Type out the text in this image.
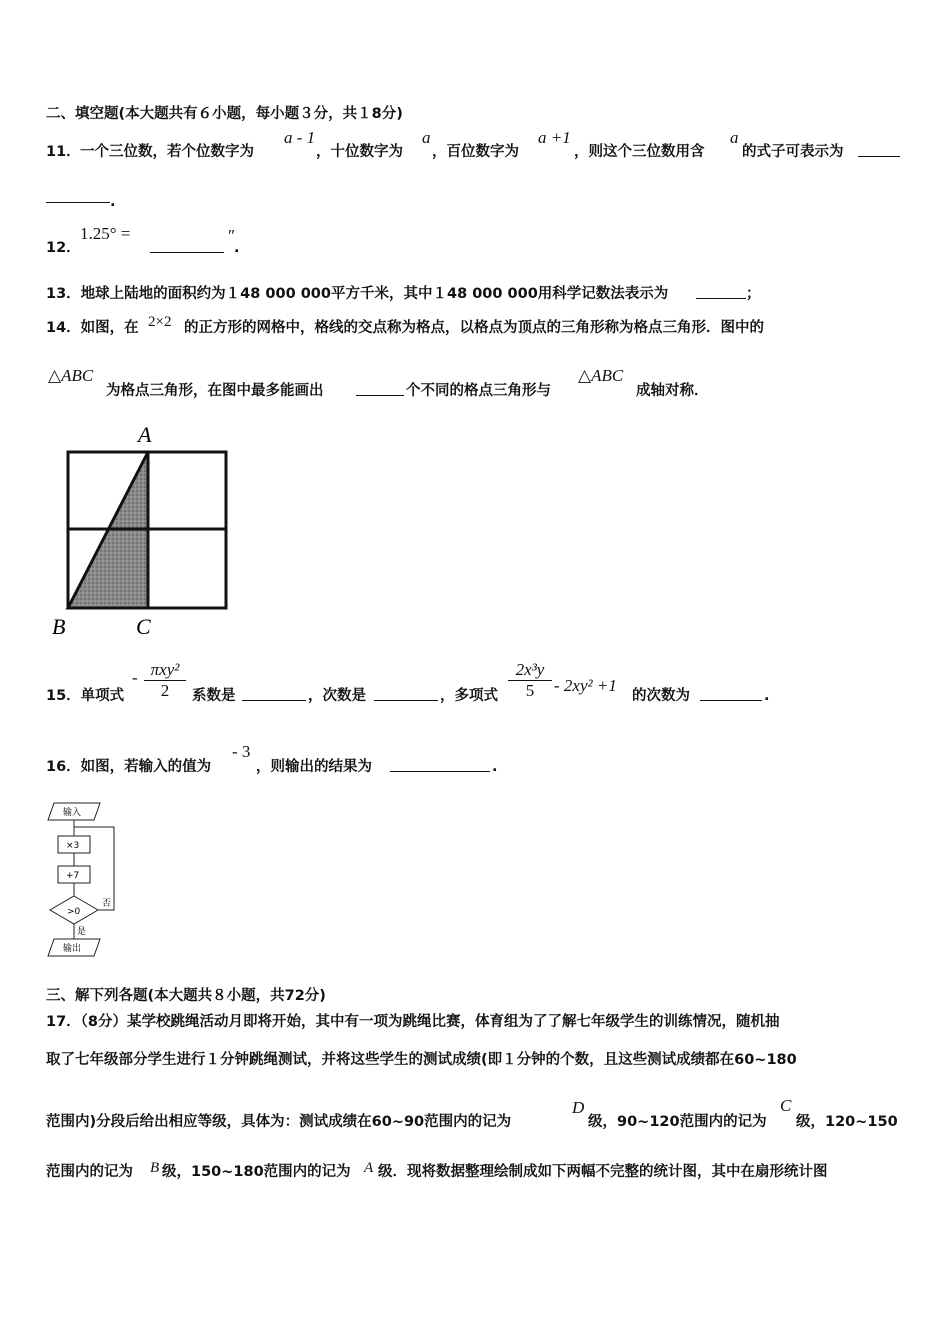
二、填空题(本大题共有６小题，每小题３分，共１8分)
11． 一个三位数，若个位数字为
a - 1
，十位数字为
a
，百位数字为
a +1
，则这个三位数用含
a
的式子可表示为
.
12．
1.25° =	″
.
13．地球上陆地的面积约为１48 000 000平方千米，其中１48 000 000用科学记数法表示为	；
14．如图，在 2×2 的正方形的网格中，格线的交点称为格点，以格点为顶点的三角形称为格点三角形．图中的
△ABC
为格点三角形，在图中最多能画出	个不同的格点三角形与
△ABC
成轴对称．
A
B	C
15．单项式
- πxy²
2	系数是	，次数是	，多项式 $\frac{\text{2x³y}}{5} - 2xy^2 +1$
的次数为	.
16．如图，若输入的值为
- 3
，则输出的结果为	.
输入
×3
+7
>0
否
是
输出
三、解下列各题(本大题共８小题，共72分)
17．（8分）某学校跳绳活动月即将开始，其中有一项为跳绳比赛，体育组为了了解七年级学生的训练情况，随机抽
取了七年级部分学生进行１分钟跳绳测试，并将这些学生的测试成绩(即１分钟的个数，且这些测试成绩都在60~180
范围内)分段后给出相应等级，具体为：测试成绩在60~90范围内的记为
D
级，90~120范围内的记为
C
级，120~150
范围内的记为 B 级，150~180范围内的记为 A 级．现将数据整理绘制成如下两幅不完整的统计图，其中在扇形统计图
